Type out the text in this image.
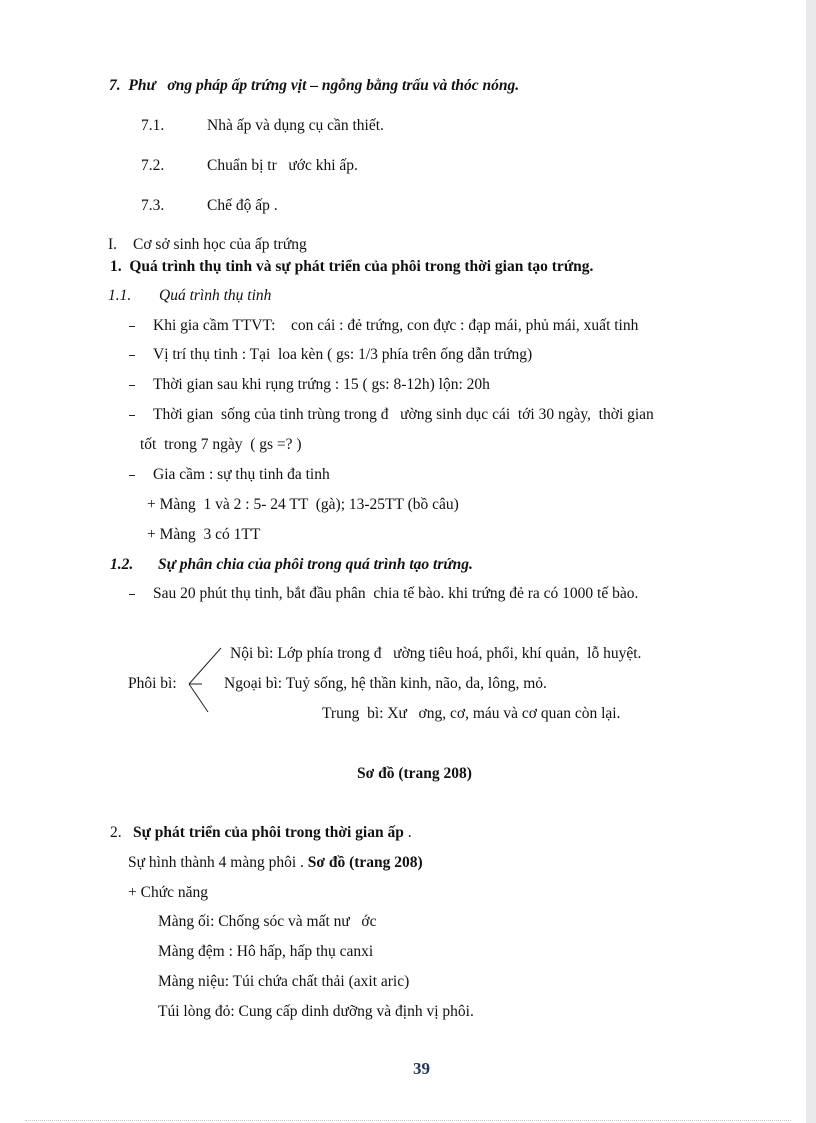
7.  Phư   ơng pháp ấp trứng vịt – ngỗng bằng trấu và thóc nóng.
7.1.	Nhà ấp và dụng cụ cần thiết.
7.2.	Chuẩn bị tr   ước khi ấp.
7.3.	Chế độ ấp .
I. Cơ sở sinh học của ấp trứng
1.  Quá trình thụ tinh và sự phát triển của phôi trong thời gian tạo trứng.
1.1. Quá trình thụ tinh
Khi gia cầm TTVT:    con cái : đẻ trứng, con đực : đạp mái, phủ mái, xuất tinh
Vị trí thụ tinh : Tại  loa kèn ( gs: 1/3 phía trên ống dẫn trứng)
Thời gian sau khi rụng trứng : 15 ( gs: 8-12h) lộn: 20h
Thời gian  sống của tinh trùng trong đ   ường sinh dục cái  tới 30 ngày,  thời gian
tốt  trong 7 ngày  ( gs =? )
Gia cầm : sự thụ tinh đa tinh
+ Màng  1 và 2 : 5- 24 TT  (gà); 13-25TT (bồ câu)
+ Màng  3 có 1TT
1.2. Sự phân chia của phôi trong quá trình tạo trứng.
Sau 20 phút thụ tinh, bắt đầu phân  chia tế bào. khi trứng đẻ ra có 1000 tế bào.
Phôi bì:
Nội bì: Lớp phía trong đ   ường tiêu hoá, phổi, khí quản,  lỗ huyệt.
Ngoại bì: Tuỷ sống, hệ thần kinh, não, da, lông, mỏ.
Trung  bì: Xư   ơng, cơ, máu và cơ quan còn lại.
Sơ đồ (trang 208)
2. Sự phát triển của phôi trong thời gian ấp .
Sự hình thành 4 màng phôi . Sơ đồ (trang 208)
+ Chức năng
Màng ối: Chống sóc và mất nư   ớc
Màng đệm : Hô hấp, hấp thụ canxi
Màng niệu: Túi chứa chất thải (axit aric)
Túi lòng đỏ: Cung cấp dinh dưỡng và định vị phôi.
39
